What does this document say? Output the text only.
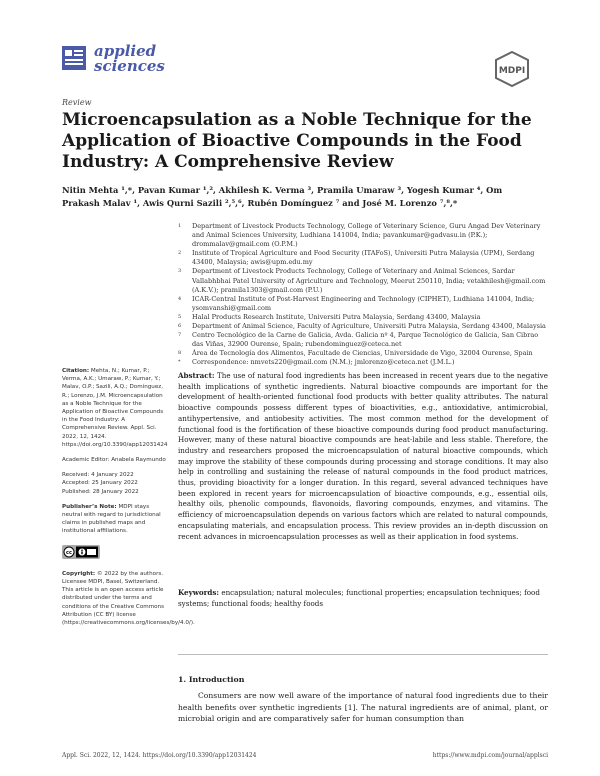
applied
sciences	MDPI
Review
Microencapsulation as a Noble Technique for the Application of Bioactive Compounds in the Food Industry: A Comprehensive Review
Nitin Mehta ¹,*, Pavan Kumar ¹,², Akhilesh K. Verma ³, Pramila Umaraw ³, Yogesh Kumar ⁴, Om Prakash Malav ¹, Awis Qurni Sazili ²,⁵,⁶, Rubén Domínguez ⁷ and José M. Lorenzo ⁷,⁸,*
1	Department of Livestock Products Technology, College of Veterinary Science, Guru Angad Dev Veterinary and Animal Sciences University, Ludhiana 141004, India; pavankumar@gadvasu.in (P.K.); drommalav@gmail.com (O.P.M.)
2	Institute of Tropical Agriculture and Food Security (ITAFoS), Universiti Putra Malaysia (UPM), Serdang 43400, Malaysia; awis@upm.edu.my
3	Department of Livestock Products Technology, College of Veterinary and Animal Sciences, Sardar Vallabhbhai Patel University of Agriculture and Technology, Meerut 250110, India; vetakhilesh@gmail.com (A.K.V.); pramila1303@gmail.com (P.U.)
4	ICAR-Central Institute of Post-Harvest Engineering and Technology (CIPHET), Ludhiana 141004, India; ysomvanshi@gmail.com
5	Halal Products Research Institute, Universiti Putra Malaysia, Serdang 43400, Malaysia
6	Department of Animal Science, Faculty of Agriculture, Universiti Putra Malaysia, Serdang 43400, Malaysia
7	Centro Tecnológico de la Carne de Galicia, Avda. Galicia nº 4, Parque Tecnológico de Galicia, San Cibrao das Viñas, 32900 Ourense, Spain; rubendominguez@ceteca.net
8	Área de Tecnología dos Alimentos, Facultade de Ciencias, Universidade de Vigo, 32004 Ourense, Spain
*	Correspondence: nmvets220@gmail.com (N.M.); jmlorenzo@ceteca.net (J.M.L.)

Citation: Mehta, N.; Kumar, P.; Verma, A.K.; Umaraw, P.; Kumar, Y.; Malav, O.P.; Sazili, A.Q.; Domínguez, R.; Lorenzo, J.M. Microencapsulation as a Noble Technique for the Application of Bioactive Compounds in the Food Industry: A Comprehensive Review. Appl. Sci. 2022, 12, 1424. https://doi.org/10.3390/app12031424

Academic Editor: Anabela Raymundo

Received: 4 January 2022
Accepted: 25 January 2022
Published: 28 January 2022

Publisher’s Note: MDPI stays neutral with regard to jurisdictional claims in published maps and institutional affiliations.

cc

Copyright: © 2022 by the authors. Licensee MDPI, Basel, Switzerland. This article is an open access article distributed under the terms and conditions of the Creative Commons Attribution (CC BY) license (https://creativecommons.org/licenses/by/4.0/).

Abstract: The use of natural food ingredients has been increased in recent years due to the negative health implications of synthetic ingredients. Natural bioactive compounds are important for the development of health-oriented functional food products with better quality attributes. The natural bioactive compounds possess different types of bioactivities, e.g., antioxidative, antimicrobial, antihypertensive, and antiobesity activities. The most common method for the development of functional food is the fortification of these bioactive compounds during food product manufacturing. However, many of these natural bioactive compounds are heat-labile and less stable. Therefore, the industry and researchers proposed the microencapsulation of natural bioactive compounds, which may improve the stability of these compounds during processing and storage conditions. It may also help in controlling and sustaining the release of natural compounds in the food product matrices, thus, providing bioactivity for a longer duration. In this regard, several advanced techniques have been explored in recent years for microencapsulation of bioactive compounds, e.g., essential oils, healthy oils, phenolic compounds, flavonoids, flavoring compounds, enzymes, and vitamins. The efficiency of microencapsulation depends on various factors which are related to natural compounds, encapsulating materials, and encapsulation process. This review provides an in-depth discussion on recent advances in microencapsulation processes as well as their application in food systems.
Keywords: encapsulation; natural molecules; functional properties; encapsulation techniques; food systems; functional foods; healthy foods
1. Introduction
Consumers are now well aware of the importance of natural food ingredients due to their health benefits over synthetic ingredients [1]. The natural ingredients are of animal, plant, or microbial origin and are comparatively safer for human consumption than
Appl. Sci. 2022, 12, 1424. https://doi.org/10.3390/app12031424	https://www.mdpi.com/journal/applsci
